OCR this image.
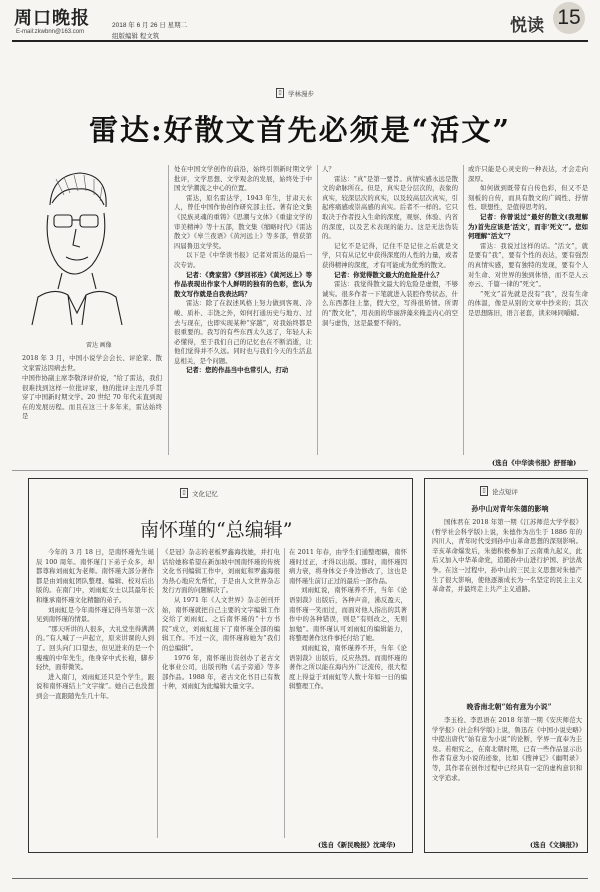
周口晚报
E-mail:zkwbnn@163.com
2018 年 6 月 26 日 星期二
组版编辑 程文筑
悦读 15
▯ 学林漫步
雷达:好散文首先必须是“活文”
雷达 画像
2018 年 3 月，中国小说学会会长、评论家、散文家雷达因病去世。
中国作协副主席李敬泽评价说，“给了雷达，我们很难找到这样一位批评家，他的批评主涅几乎贯穿了中国新时期文学。20 世纪 70 年代末直到现在的发展历程。而且在这三十多年来，雷达始终是

处在中国文学创作的前沿，始终引领新时期文学批评，文学思想、文学观念的发展，始终处于中国文学潮流之中心的位置。

雷达，原名雷达学，1943 年生，甘肃天水人，曾任中国作协创作研究部主任。著有论文集《民族灵魂的重铸》《思潮与文体》《重建文学的审美精神》等十五部，散文集《缩略时代》《雷达散文》《皋兰夜语》《黄河远上》等多部，曾获第四届鲁迅文学奖。

以下是《中华读书报》记者对雷达的最后一次专访。

记者：《费家营》《梦回祁连》《黄河远上》等作品表现出作家个人鲜明的独有的色彩，您认为散文写作就是自我表达吗？

雷达：除了在叙述风格上努力做到客观、冷峻、质朴、丰饶之外，如何打通历史与地方、过去与现在，也即实现某种“穿越”，对我始终都是很重要的。我写的有些东西太久远了，年轻人未必懂得，至于我们自己的记忆也在不断消逝，让他们觉得并不久远。同时也与我们今天的生活息息相关，是个问题。

记者：您的作品当中也常引人，打动

人？

雷达：“真”是第一要旨。真情实感永远是散文的命脉所在。但是，真实是分层次的，表象的真实，较深层次的真实，以及较高层次真实，引起疼痛感或崇高感的真实。后者不一样的。它只取决于作者投入生命的深度，观察、体验、内省的深度，以及艺术表现的能力。这是无法伪装的。

记忆不是记得，记住不是记住之后就是文学，只有从记忆中获得深度的人性的力量，或者获得精神的深度，才有可能成为优秀的散文。

记者：你觉得散文最大的危险是什么？

雷达：我觉得散文最大的危险是虚假，不够诚实。很多作者一下笔就进入装腔作势状态，什么东西都往上靠，假大空，写得很矫情。所谓的“散文化”，用表面的华丽辞藻来掩盖内心的空洞与虚伪，这是最要不得的。

或许只能是心灵史的一种表达，才会走向深厚。

如何做到既带有自传色彩，但又不是刻板的自传，而具有散文的广阔性、抒情性、联想性，是值得思考的。

记者：你曾说过“最好的散文(我理解为)首先应该是‘活文’，而非‘死文’”。您如何理解“活文”？

雷达：我说过这样的话。“活文”，就是要有“我”，要有个性的表达，要有强烈的真情实感，要有独特的发现，要有个人对生命、对世界的独到体悟，而不是人云亦云、千篇一律的“死文”。

“死文”首先就是没有“我”，没有生命的体温，像是从别的文章中抄来的；其次是思想陈旧，语言老套，读来味同嚼蜡。

(选自《中华读书报》舒晋瑜)
▯ 文化记忆
南怀瑾的“总编辑”

今年的 3 月 18 日，是南怀瑾先生诞辰 100 周年。南怀瑾门下弟子众多，却都尊称刘雨虹为老师。南怀瑾大部分著作都是由刘雨虹团队整理、编辑、校对后出版的。在南门中，刘雨虹女士以其最年长和继承南怀瑾文化精髓的弟子。

刘雨虹是今年南怀瑾记得当年第一次见到南怀瑾的情景。

“那天听讲的人很多，大礼堂坐得满满的。”有人喊了一声起立，原来讲课的人到了。回头向门口望去，但见进来的是一个瘦瘦的中年先生，他身穿中式长袍，脚步轻快，面带微笑。

进入南门，刘雨虹还只是个学生，跟说和南怀瑾结上“文字缘”。她自己也没想到会一直跟随先生几十年。

《是冠》杂志的老板罗鑫海找她，并打电话给她称希望在新加坡中国南怀瑾的传统文化书刊编辑工作中，刘雨虹和罗鑫海很为热心地应允帮忙，于是由人文世界杂志发行方面的问题解决了。

从 1971 年《人文世界》杂志创刊开始，南怀瑾就把自己主要的文字编辑工作交给了刘雨虹。之后南怀瑾的“十方书院”成立，刘雨虹接下了南怀瑾全部的编辑工作。不过一次，南怀瑾称她为“我们的总编辑”。

1976 年，南怀瑾出资创办了老古文化事业公司，出版刊物《孟子旁通》等多部作品。1988 年，老古文化书目已有数十种，刘雨虹为此编辑大量文字。

在 2011 年春，由学生们通整理稿，南怀瑾时过正，才得以出版。那时，南怀瑾因病力衰，将身体交予身边修改了，这也是南怀瑾生前订正过的最后一部作品。

刘雨虹说，南怀瑾养不开，当年《论语别裁》出版后，各种声音，沸反盈天，南怀瑾一笑而过，而面对他人指出的其著作中的各种错误，则是“有则改之，无则加勉”。南怀瑾认可刘雨虹的编辑能力，将整理著作这件事托付给了她。

刘雨虹说，南怀瑾养不开，当年《论语别裁》出版后，反应热烈。而南怀瑾的著作之所以能在海内外广泛流传，很大程度上得益于刘雨虹等人数十年如一日的编辑整理工作。

(选自《新民晚报》沈琦华)
▯ 论点短评
孙中山对青年朱德的影响
国体君在 2018 年第一期《江苏师范大学学报》(哲学社会科学版)上说，朱德作为出生于 1886 年的四川人，青年时代受到孙中山革命思想的深刻影响。辛亥革命爆发后，朱德积极参加了云南重九起义，此后又加入中华革命党，追随孙中山进行护国、护法战争。在这一过程中，孙中山的三民主义思想对朱德产生了很大影响，使他逐渐成长为一名坚定的民主主义革命者，并最终走上共产主义道路。
晚香南北朝“始有意为小说”
李玉栓、李思语在 2018 年第一期《安庆师范大学学报》(社会科学版)上说，鲁迅在《中国小说史略》中提出唐代“始有意为小说”的论断，学界一直奉为圭臬。若细究之，在南北朝时期，已有一些作品显示出作者有意为小说的迹象，比如《搜神记》《幽明录》等，其作者在创作过程中已经具有一定的虚构意识和文学追求。
(选自《文摘报》)
